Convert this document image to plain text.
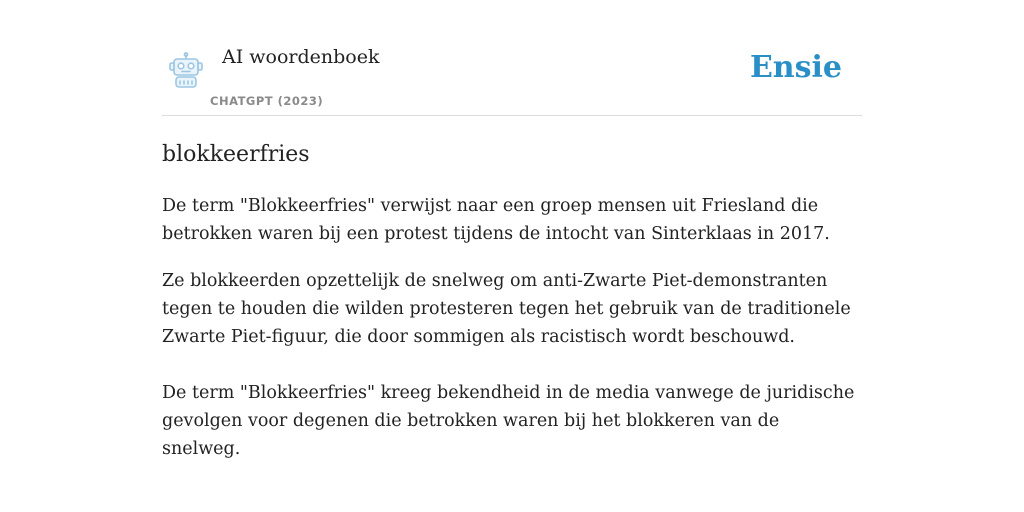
AI woordenboek
CHATGPT (2023)
Ensie
blokkeerfries

De term "Blokkeerfries" verwijst naar een groep mensen uit Friesland die betrokken waren bij een protest tijdens de intocht van Sinterklaas in 2017.

Ze blokkeerden opzettelijk de snelweg om anti-Zwarte Piet-demonstranten tegen te houden die wilden protesteren tegen het gebruik van de traditionele Zwarte Piet-figuur, die door sommigen als racistisch wordt beschouwd.

De term "Blokkeerfries" kreeg bekendheid in de media vanwege de juridische gevolgen voor degenen die betrokken waren bij het blokkeren van de snelweg.
